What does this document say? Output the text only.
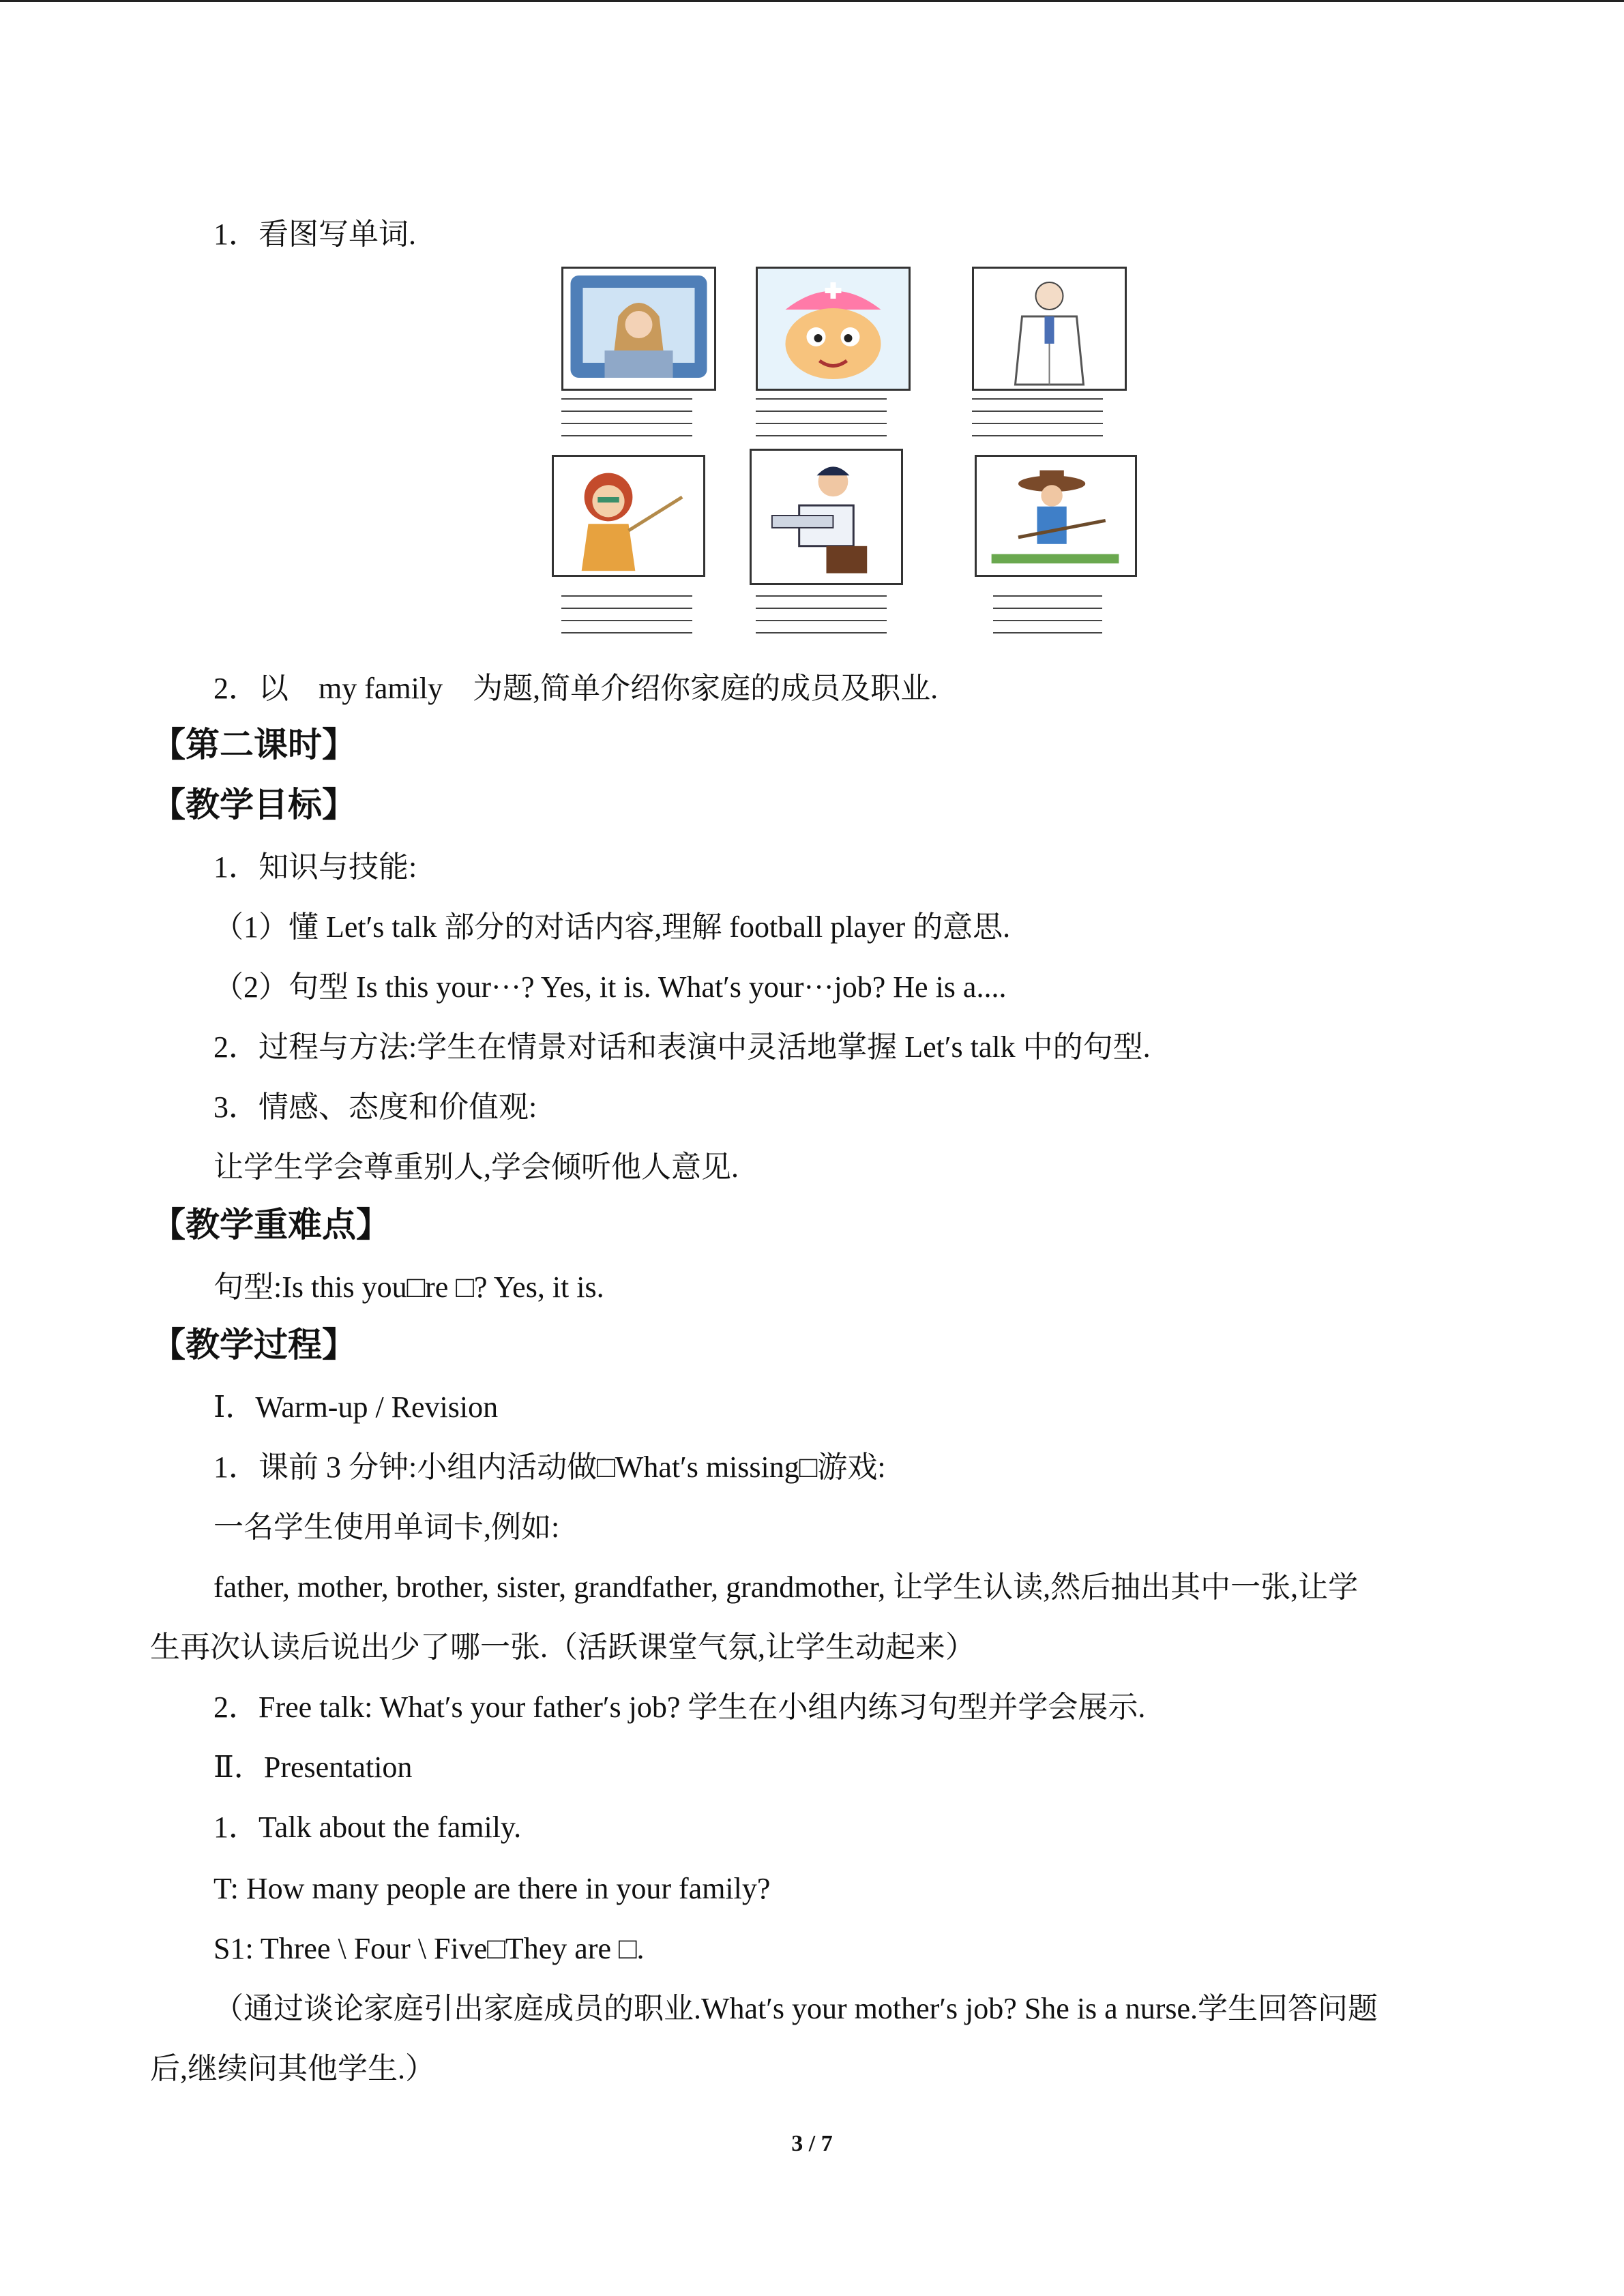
1．看图写单词.
2．以 my family 为题,简单介绍你家庭的成员及职业.
【第二课时】
【教学目标】
1．知识与技能:
（1）懂 Let′s talk 部分的对话内容,理解 football player 的意思.
（2）句型 Is this your···? Yes, it is. What′s your···job? He is a....
2．过程与方法:学生在情景对话和表演中灵活地掌握 Let′s talk 中的句型.
3．情感、态度和价值观:
让学生学会尊重别人,学会倾听他人意见.
【教学重难点】
句型:Is this you□re □? Yes, it is.
【教学过程】
Ⅰ．Warm-up / Revision
1．课前 3 分钟:小组内活动做□What′s missing□游戏:
一名学生使用单词卡,例如:
father, mother, brother, sister, grandfather, grandmother, 让学生认读,然后抽出其中一张,让学
生再次认读后说出少了哪一张.（活跃课堂气氛,让学生动起来）
2．Free talk: What′s your father′s job? 学生在小组内练习句型并学会展示.
Ⅱ．Presentation
1．Talk about the family.
T: How many people are there in your family?
S1: Three \ Four \ Five□They are □.
（通过谈论家庭引出家庭成员的职业.What′s your mother′s job? She is a nurse.学生回答问题
后,继续问其他学生.）
3 / 7
